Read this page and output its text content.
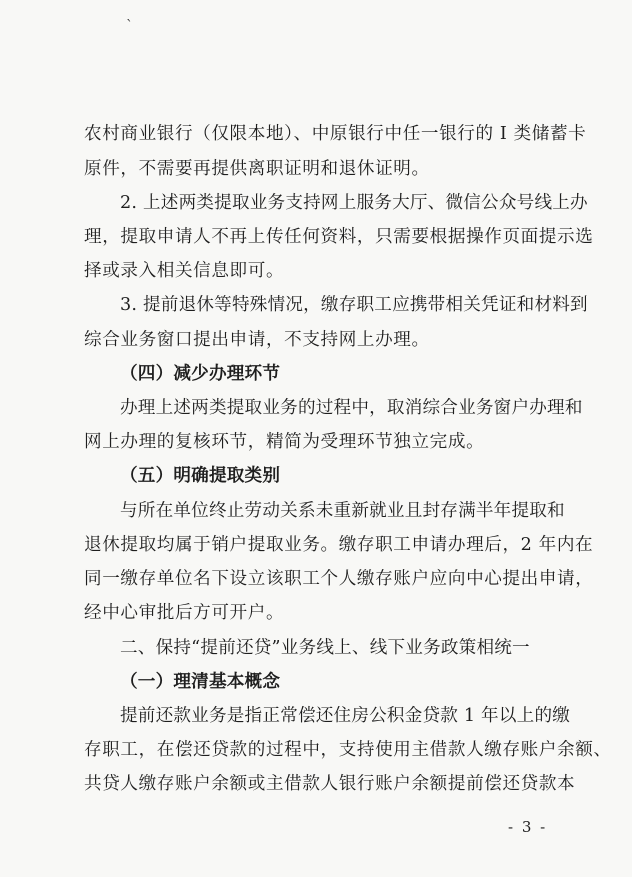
ˋ
农村商业银行（仅限本地）、中原银行中任一银行的 I 类储蓄卡
原件，不需要再提供离职证明和退休证明。
2. 上述两类提取业务支持网上服务大厅、微信公众号线上办
理，提取申请人不再上传任何资料，只需要根据操作页面提示选
择或录入相关信息即可。
3. 提前退休等特殊情况，缴存职工应携带相关凭证和材料到
综合业务窗口提出申请，不支持网上办理。
（四）减少办理环节
办理上述两类提取业务的过程中，取消综合业务窗户办理和
网上办理的复核环节，精简为受理环节独立完成。
（五）明确提取类别
与所在单位终止劳动关系未重新就业且封存满半年提取和
退休提取均属于销户提取业务。缴存职工申请办理后，2 年内在
同一缴存单位名下设立该职工个人缴存账户应向中心提出申请，
经中心审批后方可开户。
二、保持“提前还贷”业务线上、线下业务政策相统一
（一）理清基本概念
提前还款业务是指正常偿还住房公积金贷款 1 年以上的缴
存职工，在偿还贷款的过程中，支持使用主借款人缴存账户余额、
共贷人缴存账户余额或主借款人银行账户余额提前偿还贷款本
- 3 -
